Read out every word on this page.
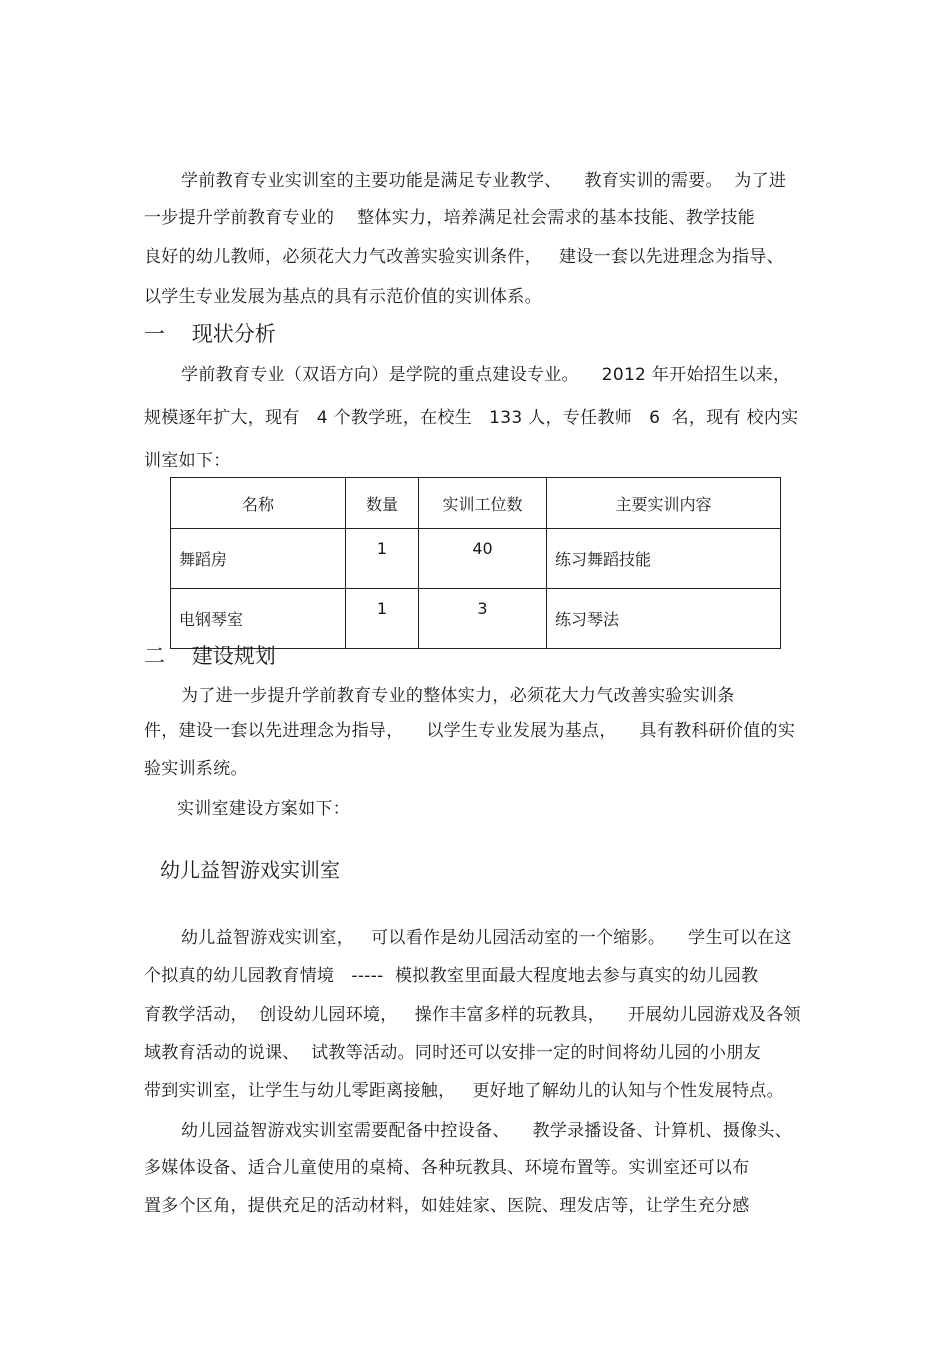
学前教育专业实训室的主要功能是满足专业教学、    教育实训的需要。  为了进
一步提升学前教育专业的    整体实力，培养满足社会需求的基本技能、教学技能
良好的幼儿教师，必须花大力气改善实验实训条件，   建设一套以先进理念为指导、
以学生专业发展为基点的具有示范价值的实训体系。
一    现状分析
学前教育专业（双语方向）是学院的重点建设专业。    2012 年开始招生以来，
规模逐年扩大，现有   4 个教学班，在校生   133 人，专任教师   6  名，现有 校内实
训室如下：
名称	数量	实训工位数	主要实训内容
舞蹈房	1	40	练习舞蹈技能
电钢琴室	1	3	练习琴法
二    建设规划
为了进一步提升学前教育专业的整体实力，必须花大力气改善实验实训条
件，建设一套以先进理念为指导，    以学生专业发展为基点，    具有教科研价值的实
验实训系统。
实训室建设方案如下：
幼儿益智游戏实训室
幼儿益智游戏实训室，   可以看作是幼儿园活动室的一个缩影。    学生可以在这
个拟真的幼儿园教育情境   -----  模拟教室里面最大程度地去参与真实的幼儿园教
育教学活动，  创设幼儿园环境，   操作丰富多样的玩教具，    开展幼儿园游戏及各领
域教育活动的说课、  试教等活动。同时还可以安排一定的时间将幼儿园的小朋友
带到实训室，让学生与幼儿零距离接触，   更好地了解幼儿的认知与个性发展特点。
幼儿园益智游戏实训室需要配备中控设备、    教学录播设备、计算机、摄像头、
多媒体设备、适合儿童使用的桌椅、各种玩教具、环境布置等。实训室还可以布
置多个区角，提供充足的活动材料，如娃娃家、医院、理发店等，让学生充分感
